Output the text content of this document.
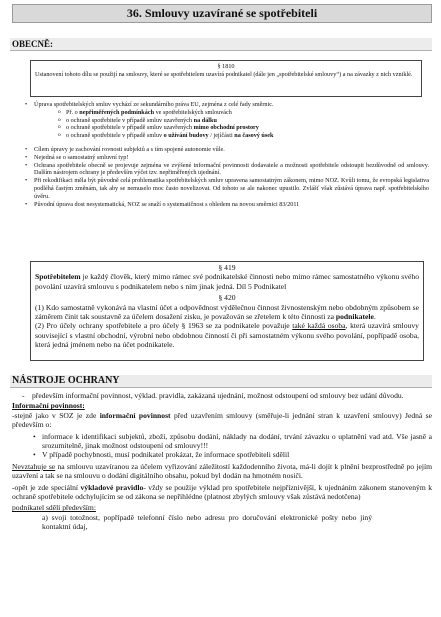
36. Smlouvy uzavírané se spotřebiteli
OBECNĚ:
§ 1810
Ustanovení tohoto dílu se použijí na smlouvy, které se spotřebitelem uzavírá podnikatel (dále jen „spotřebitelské smlouvy“) a na závazky z nich vzniklé.
• Úprava spotřebitelských smluv vychází ze sekundárního práva EU, zejména z celé řady směrnic.
o Př. o nepřiměřených podmínkách ve spotřebitelských smlouvách
o o ochraně spotřebitele v případě smluv uzavřených na dálku
o o ochraně spotřebitele v případě smluv uzavřených mimo obchodní prostory
o o ochraně spotřebitele v případě smluv o užívání budovy / jejíčásti na časový úsek
• Cílem úpravy je zachování rovnosti subjektů a s tím spojené autonomie vůle.
• Nejedná se o samostatný smluvní typ!
• Ochrana spotřebitele obecně se projevuje zejména ve zvýšené informační povinnosti dodavatele a možnosti spotřebitele odstoupit bezdůvodně od smlouvy. Dalším nástrojem ochrany je především výčet tzv. nepřiměřených ujednání.
• Při rekodifikaci měla být původně celá problematika spotřebitelských smluv upravena samostatným zákonem, mimo NOZ. Kvůli tomu, že evropská legislativa podléhá častým změnám, tak aby se nemuselo moc často novelizovat. Od tohoto se ale nakonec upustilo. Zvlášť však zůstává úprava např. spotřebitelského úvěru.
• Původní úprava dost nesystematická, NOZ se snaží o systematičnost s ohledem na novou směrnici 83/2011
§ 419
Spotřebitelem je každý člověk, který mimo rámec své podnikatelské činnosti nebo mimo rámec samostatného výkonu svého povolání uzavírá smlouvu s podnikatelem nebo s ním jinak jedná. Díl 5 Podnikatel
§ 420
(1) Kdo samostatně vykonává na vlastní účet a odpovědnost výdělečnou činnost živnostenským nebo obdobným způsobem se záměrem činit tak soustavně za účelem dosažení zisku, je považován se zřetelem k této činnosti za podnikatele.
(2) Pro účely ochrany spotřebitele a pro účely § 1963 se za podnikatele považuje také každá osoba, která uzavírá smlouvy související s vlastní obchodní, výrobní nebo obdobnou činností či při samostatném výkonu svého povolání, popřípadě osoba, která jedná jménem nebo na účet podnikatele.
NÁSTROJE OCHRANY
- především informační povinnost, výklad. pravidla, zakázaná ujednání, možnost odstoupení od smlouvy bez udání důvodu.
Informační povinnost:
-stejně jako v SOZ je zde informační povinnost před uzavřením smlouvy (směřuje-li jednání stran k uzavření smlouvy) Jedná se především o:
• informace k identifikaci subjektů, zboží, způsobu dodání, náklady na dodání, trvání závazku o uplatnění vad atd. Vše jasně a srozumitelně, jinak možnost odstoupení od smlouvy!!!
• V případě pochybnosti, musí podnikatel prokázat, že informace spotřebiteli sdělil
Nevztahuje se na smlouvu uzavíranou za účelem vyřizování záležitostí každodenního života, má-li dojít k plnění bezprostředně po jejím uzavření a tak se na smlouvu o dodání digitálního obsahu, pokud byl dodán na hmotném nosiči.
-opět je zde speciální výkladové pravidlo- vždy se použije výklad pro spotřebitele nejpříznivější, k ujednáním zákonem stanoveným k ochraně spotřebitele odchylujícím se od zákona se nepřihlédne (platnost zbylých smlouvy však zůstává nedotčena)
podnikatel sdělí především:
a) svoji totožnost, popřípadě telefonní číslo nebo adresu pro doručování elektronické pošty nebo jiný kontaktní údaj,
